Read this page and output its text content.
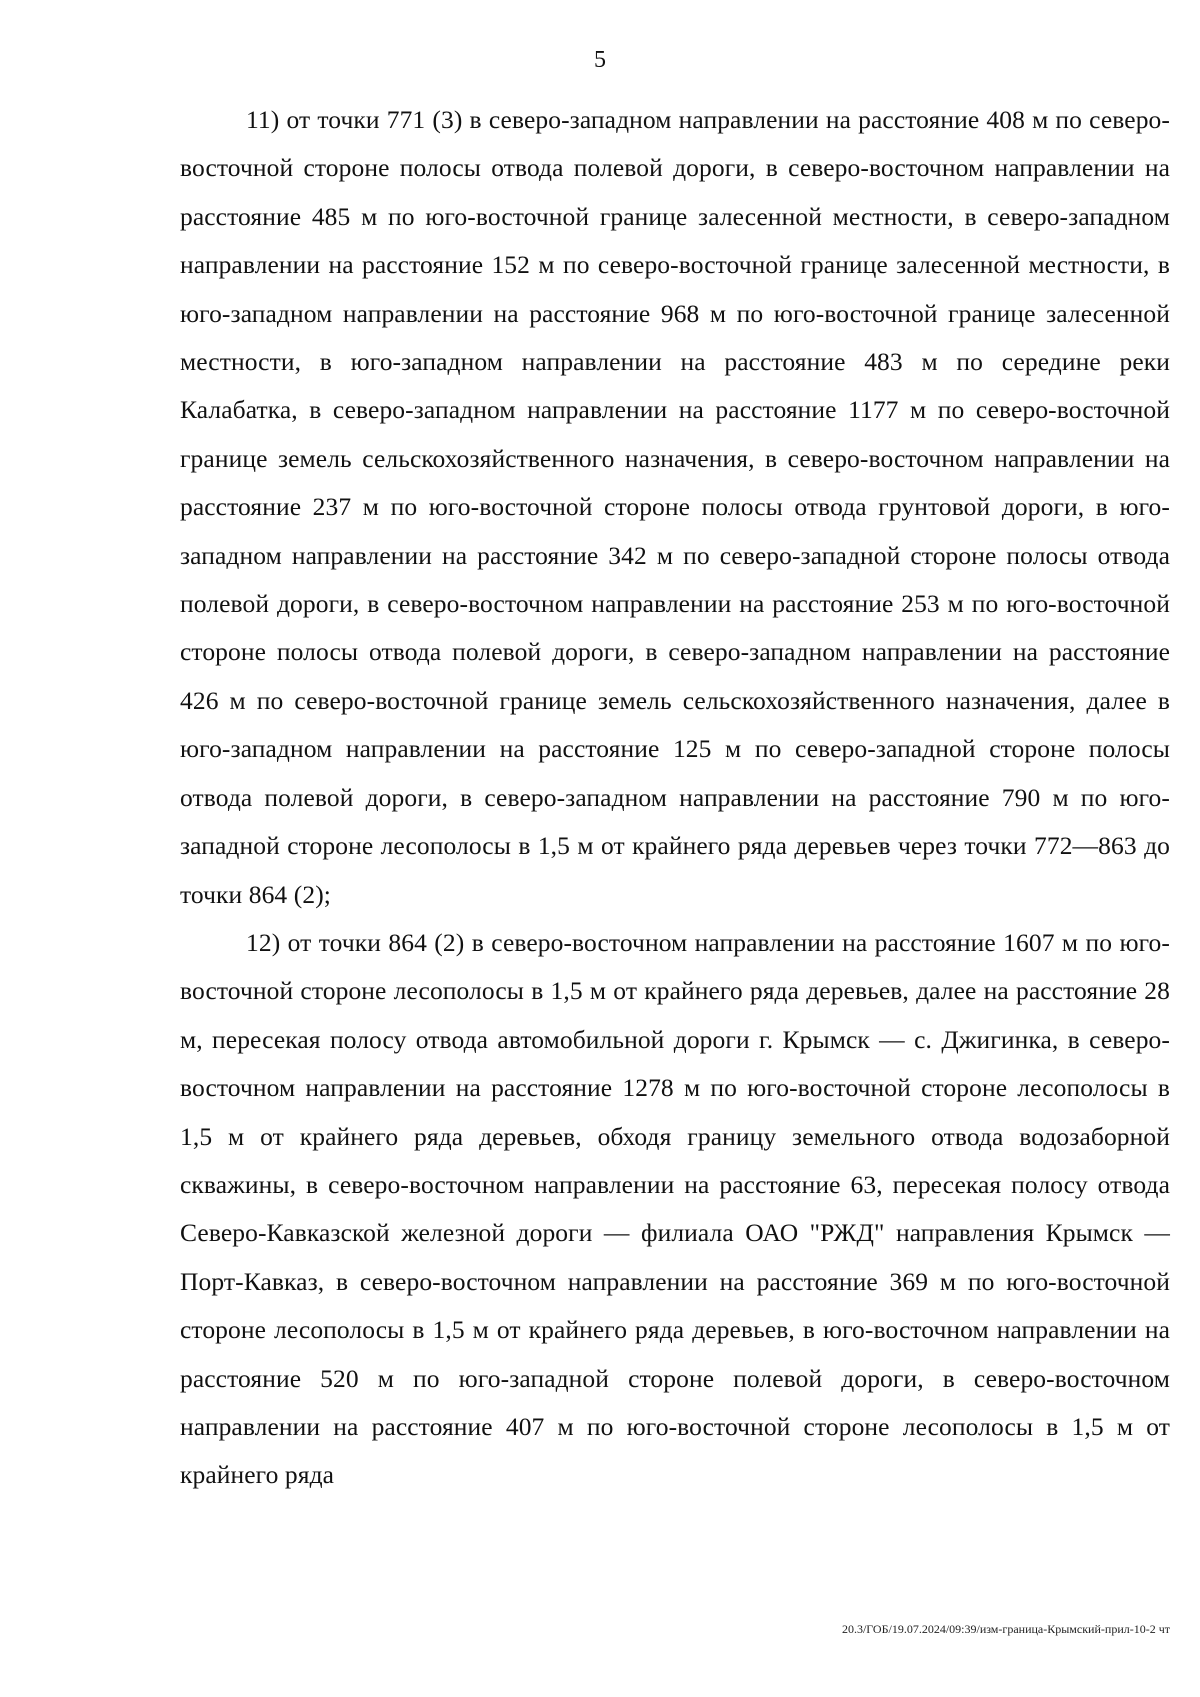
5

11) от точки 771 (3) в северо-западном направлении на расстояние 408 м по северо-восточной стороне полосы отвода полевой дороги, в северо-восточном направлении на расстояние 485 м по юго-восточной границе залесенной местности, в северо-западном направлении на расстояние 152 м по северо-восточной границе залесенной местности, в юго-западном направлении на расстояние 968 м по юго-восточной границе залесенной местности, в юго-западном направлении на расстояние 483 м по середине реки Калабатка, в северо-западном направлении на расстояние 1177 м по северо-восточной границе земель сельскохозяйственного назначения, в северо-восточном направлении на расстояние 237 м по юго-восточной стороне полосы отвода грунтовой дороги, в юго-западном направлении на расстояние 342 м по северо-западной стороне полосы отвода полевой дороги, в северо-восточном направлении на расстояние 253 м по юго-восточной стороне полосы отвода полевой дороги, в северо-западном направлении на расстояние 426 м по северо-восточной границе земель сельскохозяйственного назначения, далее в юго-западном направлении на расстояние 125 м по северо-западной стороне полосы отвода полевой дороги, в северо-западном направлении на расстояние 790 м по юго-западной стороне лесополосы в 1,5 м от крайнего ряда деревьев через точки 772—863 до точки 864 (2);

12) от точки 864 (2) в северо-восточном направлении на расстояние 1607 м по юго-восточной стороне лесополосы в 1,5 м от крайнего ряда деревьев, далее на расстояние 28 м, пересекая полосу отвода автомобильной дороги г. Крымск — с. Джигинка, в северо-восточном направлении на расстояние 1278 м по юго-восточной стороне лесополосы в 1,5 м от крайнего ряда деревьев, обходя границу земельного отвода водозаборной скважины, в северо-восточном направлении на расстояние 63, пересекая полосу отвода Северо-Кавказской железной дороги — филиала ОАО "РЖД" направления Крымск — Порт-Кавказ, в северо-восточном направлении на расстояние 369 м по юго-восточной стороне лесополосы в 1,5 м от крайнего ряда деревьев, в юго-восточном направлении на расстояние 520 м по юго-западной стороне полевой дороги, в северо-восточном направлении на расстояние 407 м по юго-восточной стороне лесополосы в 1,5 м от крайнего ряда

20.3/ГОБ/19.07.2024/09:39/изм-граница-Крымский-прил-10-2 чт
